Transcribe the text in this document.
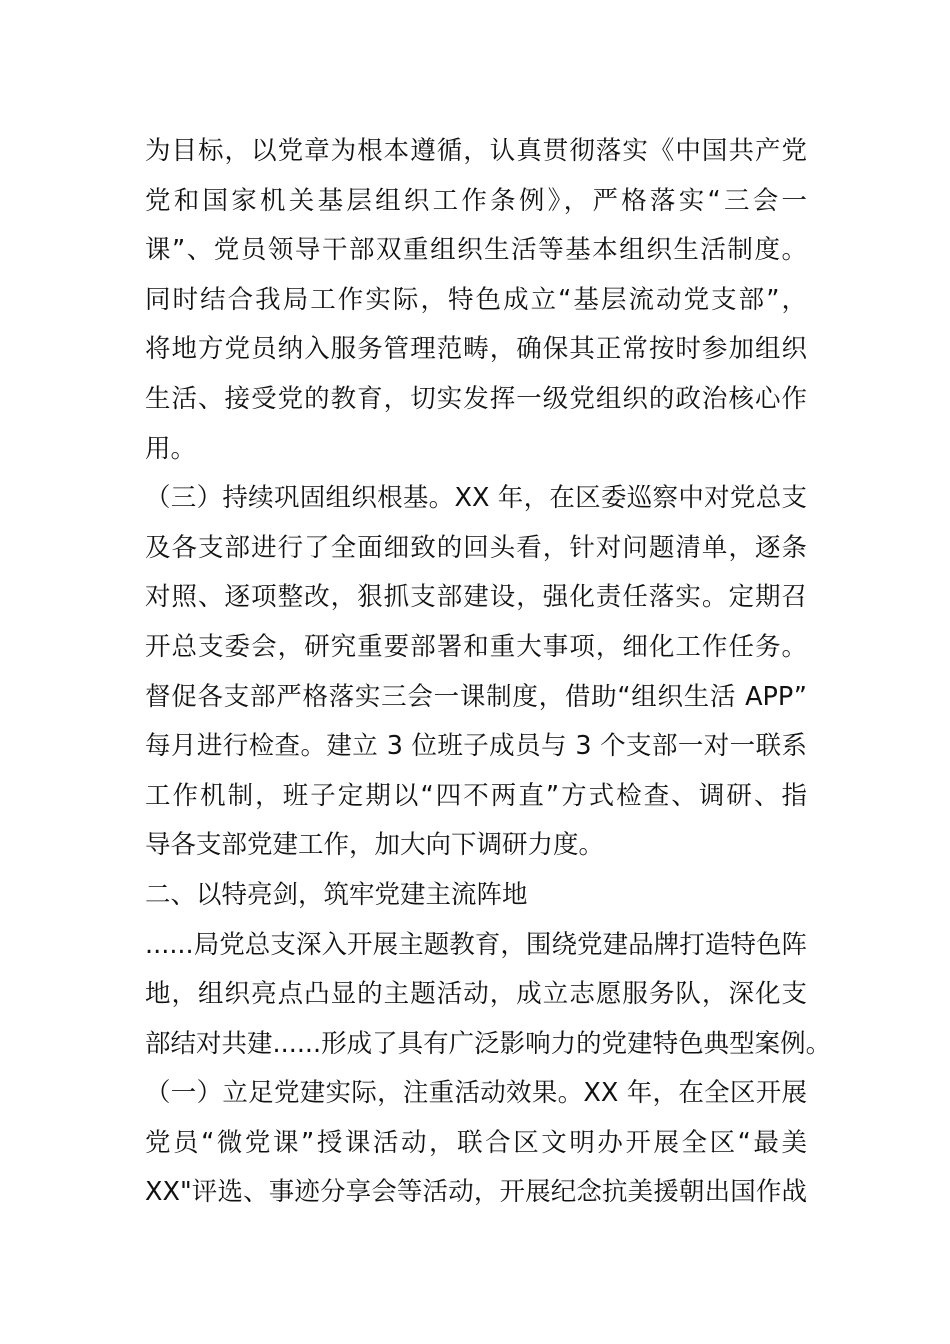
为目标，以党章为根本遵循，认真贯彻落实《中国共产党
党和国家机关基层组织工作条例》，严格落实“三会一
课”、党员领导干部双重组织生活等基本组织生活制度。
同时结合我局工作实际，特色成立“基层流动党支部”，
将地方党员纳入服务管理范畴，确保其正常按时参加组织
生活、接受党的教育，切实发挥一级党组织的政治核心作
用。
（三）持续巩固组织根基。XX 年，在区委巡察中对党总支
及各支部进行了全面细致的回头看，针对问题清单，逐条
对照、逐项整改，狠抓支部建设，强化责任落实。定期召
开总支委会，研究重要部署和重大事项，细化工作任务。
督促各支部严格落实三会一课制度，借助“组织生活 APP”
每月进行检查。建立 3 位班子成员与 3 个支部一对一联系
工作机制，班子定期以“四不两直”方式检查、调研、指
导各支部党建工作，加大向下调研力度。
二、以特亮剑，筑牢党建主流阵地
......局党总支深入开展主题教育，围绕党建品牌打造特色阵
地，组织亮点凸显的主题活动，成立志愿服务队，深化支
部结对共建......形成了具有广泛影响力的党建特色典型案例。
（一）立足党建实际，注重活动效果。XX 年，在全区开展
党员“微党课”授课活动，联合区文明办开展全区“最美
XX"评选、事迹分享会等活动，开展纪念抗美援朝出国作战
